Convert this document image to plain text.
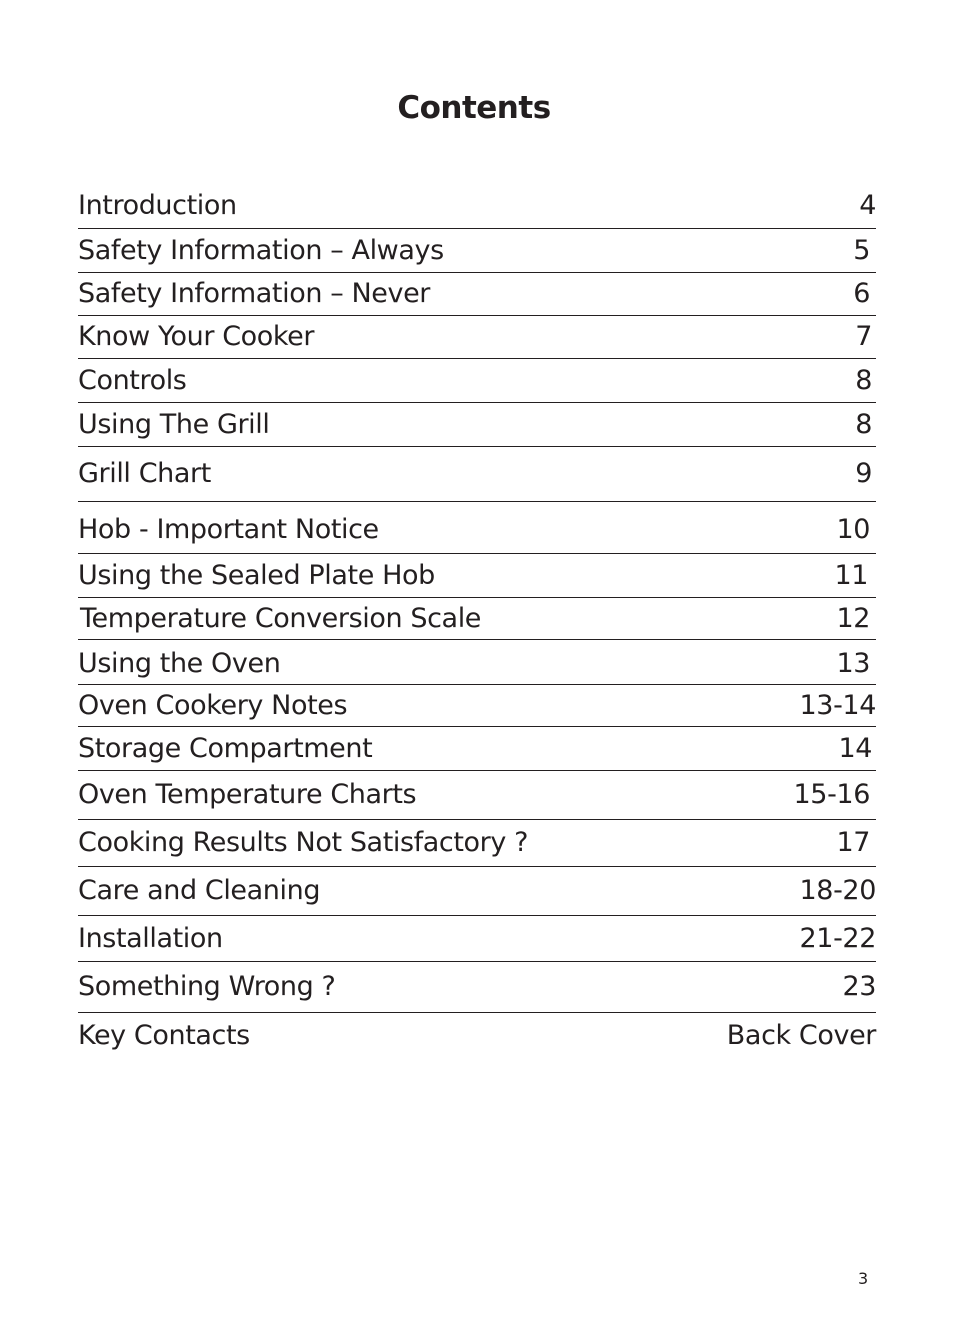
Contents
Introduction	4
Safety Information – Always	5
Safety Information – Never	6
Know Your Cooker	7
Controls	8
Using The Grill	8
Grill Chart	9
Hob - Important Notice	10
Using the Sealed Plate Hob	11
Temperature Conversion Scale	12
Using the Oven	13
Oven Cookery Notes	13-14
Storage Compartment	14
Oven Temperature Charts	15-16
Cooking Results Not Satisfactory ?	17
Care and Cleaning	18-20
Installation	21-22
Something Wrong ?	23
Key Contacts	Back Cover
3
